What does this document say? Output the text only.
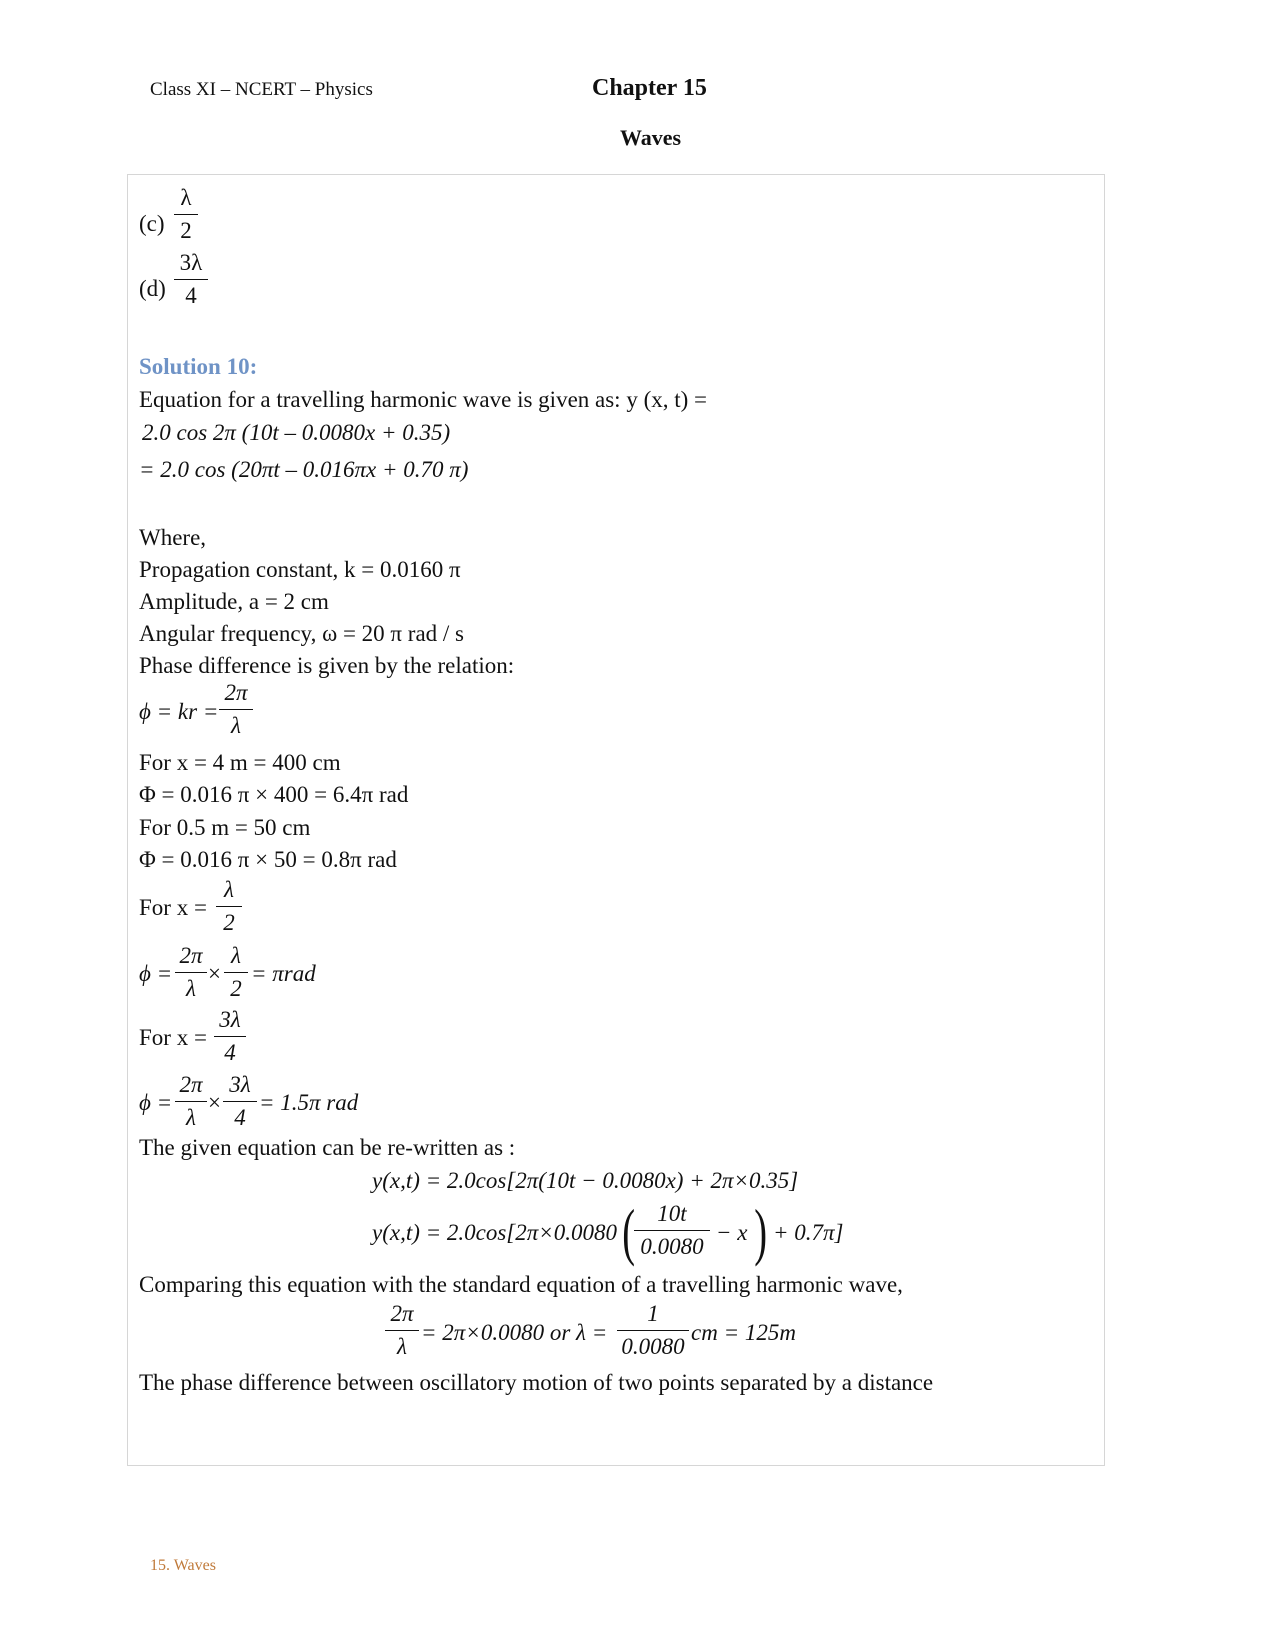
Class XI – NCERT – Physics	Chapter 15
Waves
$(c) \frac{\lambda}{2}$
$(d) \frac{3\lambda}{4}$
Solution 10:
Equation for a travelling harmonic wave is given as: y (x, t) =
2.0 cos 2π (10t – 0.0080x + 0.35)
= 2.0 cos (20πt – 0.016πx + 0.70 π)
Where,
Propagation constant, k = 0.0160 π
Amplitude, a = 2 cm
Angular frequency, ω = 20 π rad / s
Phase difference is given by the relation:
ϕ = kr = $\frac{2\pi}{\lambda}$
For x = 4 m = 400 cm
Φ = 0.016 π × 400 = 6.4π rad
For 0.5 m = 50 cm
Φ = 0.016 π × 50 = 0.8π rad
For $x = \frac{\lambda}{2}$
$\phi = \frac{2\pi}{\lambda} \times \frac{\lambda}{2} = \pi rad$
For $x = \frac{3\lambda}{4}$
$\phi = \frac{2\pi}{\lambda} \times \frac{3\lambda}{4} = 1.5\pi$ rad
The given equation can be re-written as :
y(x,t) = 2.0cos[2π(10t − 0.0080x) + 2π×0.35]
y(x,t) = 2.0cos[2π×0.0080 (
$\frac{10t}{0.0080} - x$ ) + 0.7π]
Comparing this equation with the standard equation of a travelling harmonic wave,
$\frac{2\pi}{\lambda} = 2\pi\times 0.0080$ or $\lambda = \frac{1}{0.0080}$ cm = 125m
The phase difference between oscillatory motion of two points separated by a distance
15. Waves
